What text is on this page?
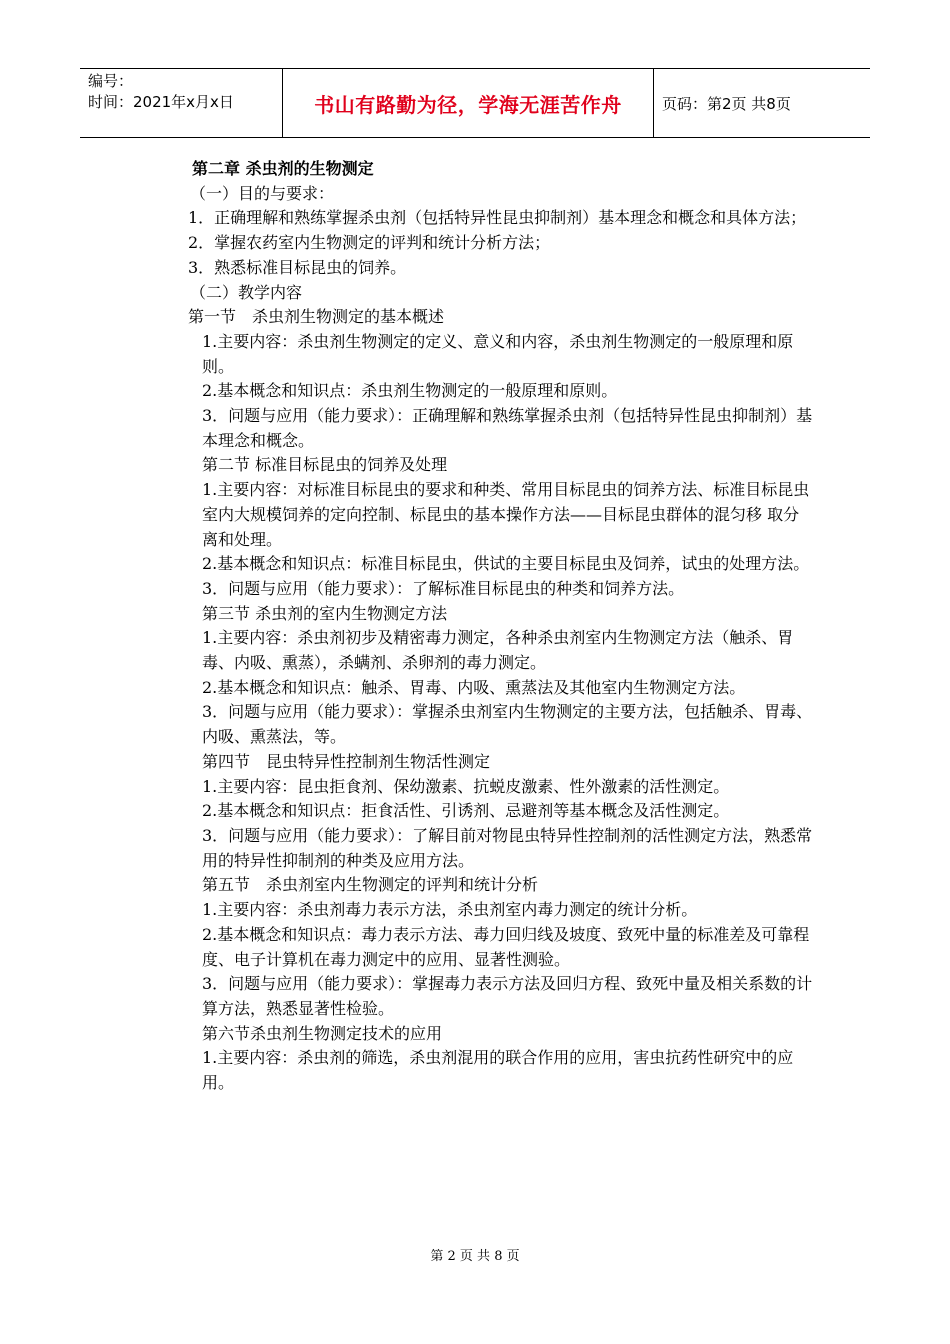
编号：
时间：2021年x月x日	书山有路勤为径，学海无涯苦作舟	页码：第2页 共8页

第二章 杀虫剂的生物测定

（一）目的与要求：

1．正确理解和熟练掌握杀虫剂（包括特异性昆虫抑制剂）基本理念和概念和具体方法；

2．掌握农药室内生物测定的评判和统计分析方法；

3．熟悉标准目标昆虫的饲养。

（二）教学内容

第一节　杀虫剂生物测定的基本概述

1.主要内容：杀虫剂生物测定的定义、意义和内容，杀虫剂生物测定的一般原理和原则。

2.基本概念和知识点：杀虫剂生物测定的一般原理和原则。

3．问题与应用（能力要求）：正确理解和熟练掌握杀虫剂（包括特异性昆虫抑制剂）基本理念和概念。

第二节 标准目标昆虫的饲养及处理

1.主要内容：对标准目标昆虫的要求和种类、常用目标昆虫的饲养方法、标准目标昆虫室内大规模饲养的定向控制、标昆虫的基本操作方法——目标昆虫群体的混匀移 取分离和处理。

2.基本概念和知识点：标准目标昆虫，供试的主要目标昆虫及饲养，试虫的处理方法。

3．问题与应用（能力要求）：了解标准目标昆虫的种类和饲养方法。

第三节 杀虫剂的室内生物测定方法

1.主要内容：杀虫剂初步及精密毒力测定，各种杀虫剂室内生物测定方法（触杀、胃毒、内吸、熏蒸），杀螨剂、杀卵剂的毒力测定。

2.基本概念和知识点：触杀、胃毒、内吸、熏蒸法及其他室内生物测定方法。

3．问题与应用（能力要求）：掌握杀虫剂室内生物测定的主要方法，包括触杀、胃毒、内吸、熏蒸法，等。

第四节　昆虫特异性控制剂生物活性测定

1.主要内容：昆虫拒食剂、保幼激素、抗蜕皮激素、性外激素的活性测定。

2.基本概念和知识点：拒食活性、引诱剂、忌避剂等基本概念及活性测定。

3．问题与应用（能力要求）：了解目前对物昆虫特异性控制剂的活性测定方法，熟悉常用的特异性抑制剂的种类及应用方法。

第五节　杀虫剂室内生物测定的评判和统计分析

1.主要内容：杀虫剂毒力表示方法，杀虫剂室内毒力测定的统计分析。

2.基本概念和知识点：毒力表示方法、毒力回归线及坡度、致死中量的标准差及可靠程度、电子计算机在毒力测定中的应用、显著性测验。

3．问题与应用（能力要求）：掌握毒力表示方法及回归方程、致死中量及相关系数的计算方法，熟悉显著性检验。

第六节杀虫剂生物测定技术的应用

1.主要内容：杀虫剂的筛选，杀虫剂混用的联合作用的应用，害虫抗药性研究中的应用。

第 2 页 共 8 页
